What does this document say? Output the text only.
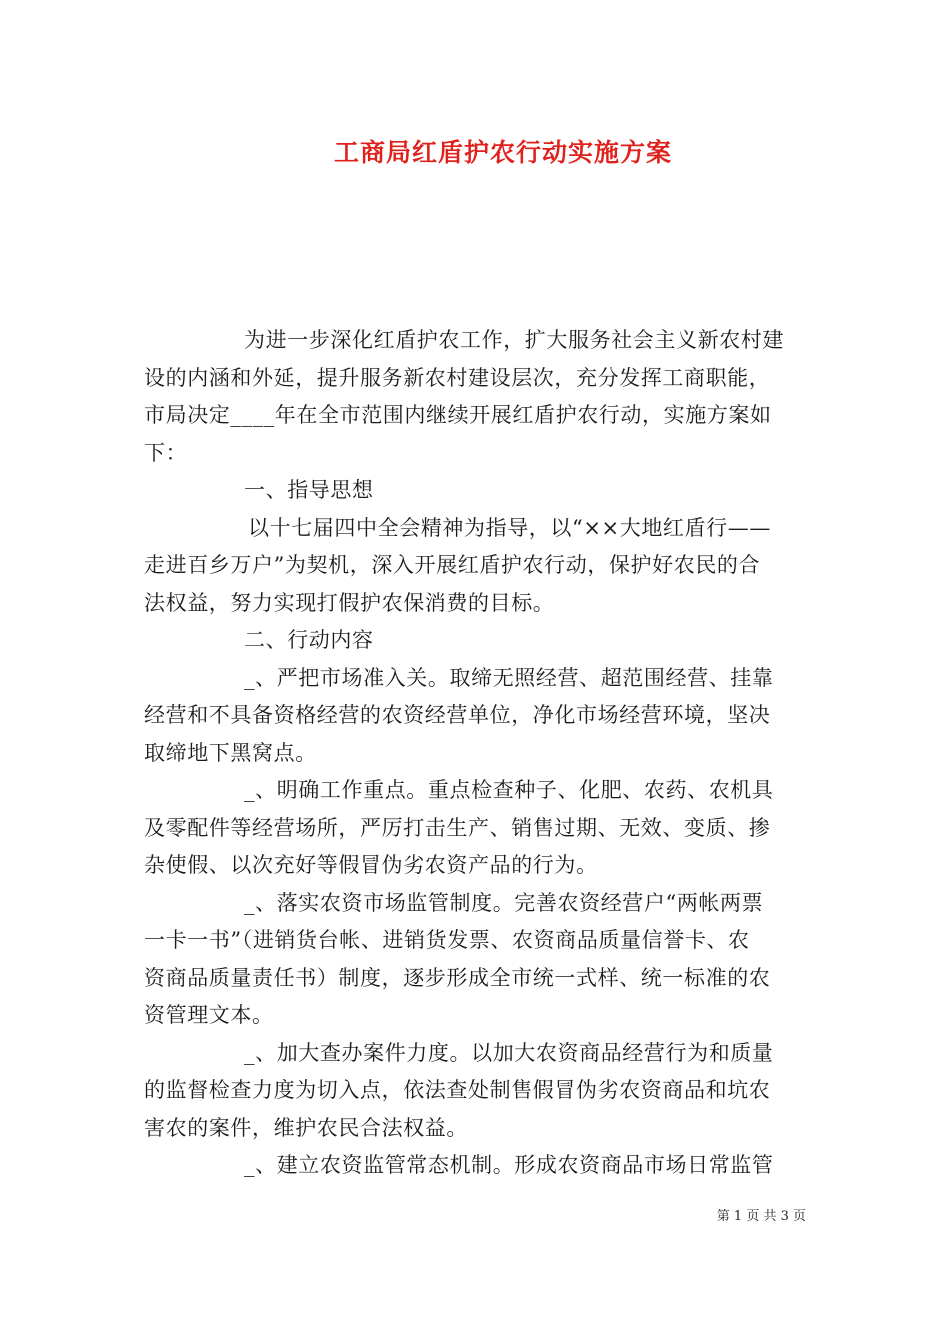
工商局红盾护农行动实施方案
为进一步深化红盾护农工作，扩大服务社会主义新农村建
设的内涵和外延，提升服务新农村建设层次，充分发挥工商职能，
市局决定____年在全市范围内继续开展红盾护农行动，实施方案如
下：
一、指导思想
以十七届四中全会精神为指导，以“××大地红盾行——
走进百乡万户”为契机，深入开展红盾护农行动，保护好农民的合
法权益，努力实现打假护农保消费的目标。
二、行动内容
_、严把市场准入关。取缔无照经营、超范围经营、挂靠
经营和不具备资格经营的农资经营单位，净化市场经营环境，坚决
取缔地下黑窝点。
_、明确工作重点。重点检查种子、化肥、农药、农机具
及零配件等经营场所，严厉打击生产、销售过期、无效、变质、掺
杂使假、以次充好等假冒伪劣农资产品的行为。
_、落实农资市场监管制度。完善农资经营户“两帐两票
一卡一书”（进销货台帐、进销货发票、农资商品质量信誉卡、农
资商品质量责任书）制度，逐步形成全市统一式样、统一标准的农
资管理文本。
_、加大查办案件力度。以加大农资商品经营行为和质量
的监督检查力度为切入点，依法查处制售假冒伪劣农资商品和坑农
害农的案件，维护农民合法权益。
_、建立农资监管常态机制。形成农资商品市场日常监管
第 1 页 共 3 页
